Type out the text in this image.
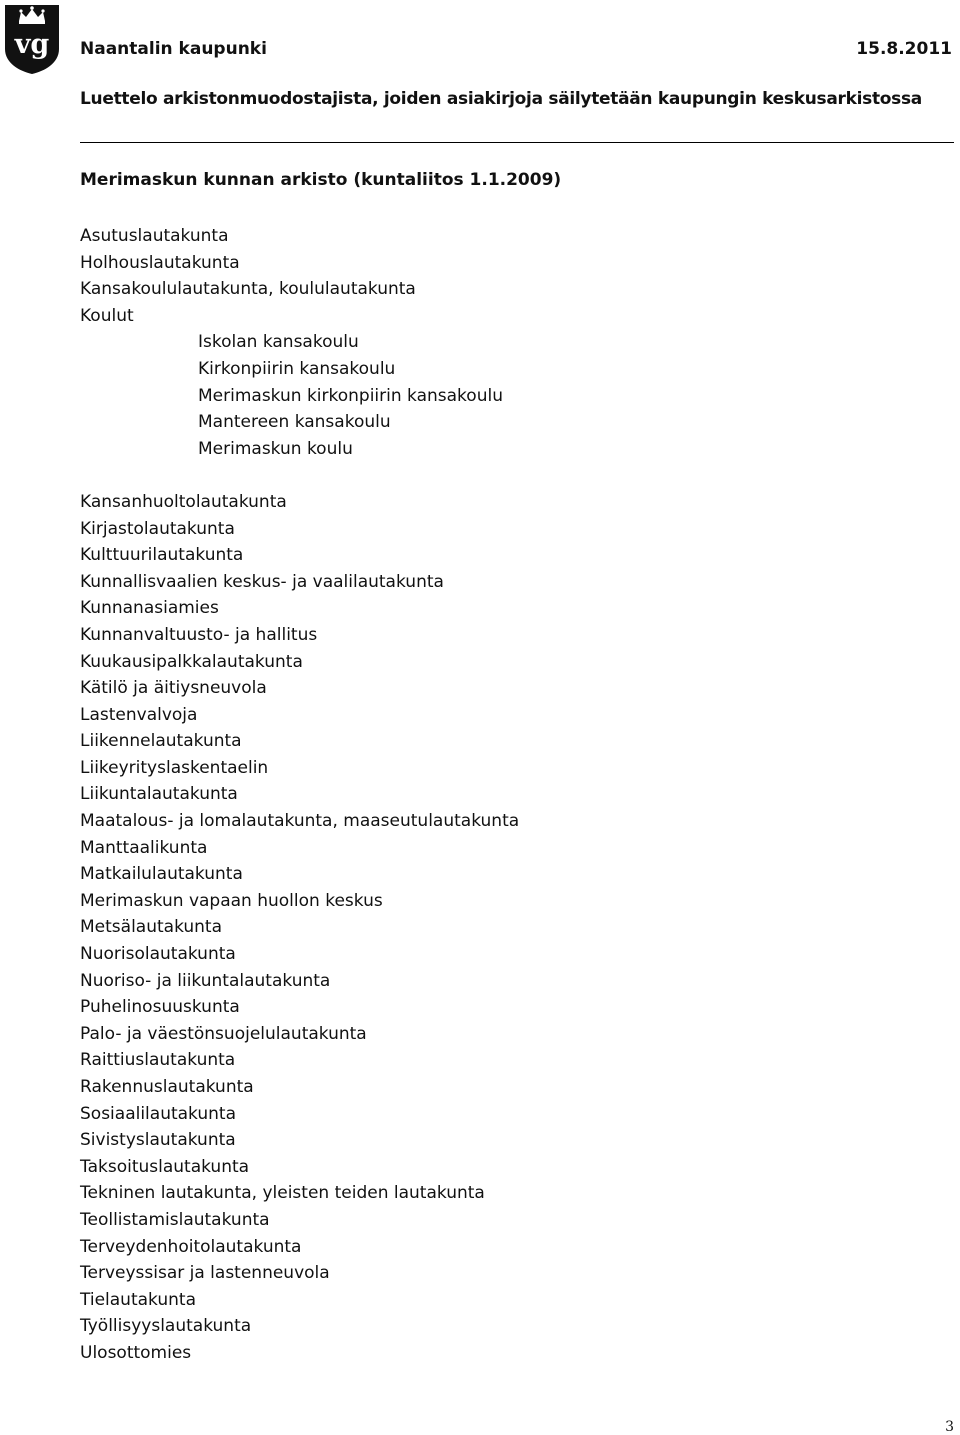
vg Naantalin kaupunki	15.8.2011
Luettelo arkistonmuodostajista, joiden asiakirjoja säilytetään kaupungin keskusarkistossa
Merimaskun kunnan arkisto (kuntaliitos 1.1.2009)
Asutuslautakunta
Holhouslautakunta
Kansakoululautakunta, koululautakunta
Koulut
Iskolan kansakoulu
Kirkonpiirin kansakoulu
Merimaskun kirkonpiirin kansakoulu
Mantereen kansakoulu
Merimaskun koulu
Kansanhuoltolautakunta
Kirjastolautakunta
Kulttuurilautakunta
Kunnallisvaalien keskus- ja vaalilautakunta
Kunnanasiamies
Kunnanvaltuusto- ja hallitus
Kuukausipalkkalautakunta
Kätilö ja äitiysneuvola
Lastenvalvoja
Liikennelautakunta
Liikeyrityslaskentaelin
Liikuntalautakunta
Maatalous- ja lomalautakunta, maaseutulautakunta
Manttaalikunta
Matkailulautakunta
Merimaskun vapaan huollon keskus
Metsälautakunta
Nuorisolautakunta
Nuoriso- ja liikuntalautakunta
Puhelinosuuskunta
Palo- ja väestönsuojelulautakunta
Raittiuslautakunta
Rakennuslautakunta
Sosiaalilautakunta
Sivistyslautakunta
Taksoituslautakunta
Tekninen lautakunta, yleisten teiden lautakunta
Teollistamislautakunta
Terveydenhoitolautakunta
Terveyssisar ja lastenneuvola
Tielautakunta
Työllisyyslautakunta
Ulosottomies
3
